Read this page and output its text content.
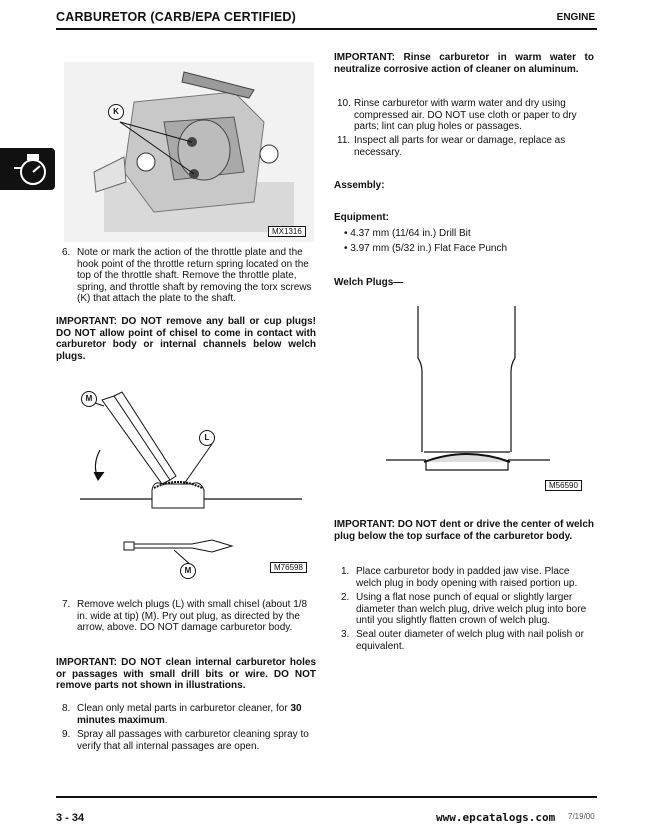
CARBURETOR (CARB/EPA CERTIFIED)	ENGINE
K
MX1316
6. Note or mark the action of the throttle plate and the hook point of the throttle return spring located on the top of the throttle shaft. Remove the throttle plate, spring, and throttle shaft by removing the torx screws (K) that attach the plate to the shaft.
IMPORTANT: DO NOT remove any ball or cup plugs! DO NOT allow point of chisel to come in contact with carburetor body or internal channels below welch plugs.
M
L
M	M76598
7. Remove welch plugs (L) with small chisel (about 1/8 in. wide at tip) (M). Pry out plug, as directed by the arrow, above. DO NOT damage carburetor body.
IMPORTANT: DO NOT clean internal carburetor holes or passages with small drill bits or wire. DO NOT remove parts not shown in illustrations.
8. Clean only metal parts in carburetor cleaner, for 30 minutes maximum.
9. Spray all passages with carburetor cleaning spray to verify that all internal passages are open.
IMPORTANT: Rinse carburetor in warm water to neutralize corrosive action of cleaner on aluminum.
10. Rinse carburetor with warm water and dry using compressed air. DO NOT use cloth or paper to dry parts; lint can plug holes or passages.
11. Inspect all parts for wear or damage, replace as necessary.
Assembly:
Equipment:
• 4.37 mm (11/64 in.) Drill Bit
• 3.97 mm (5/32 in.) Flat Face Punch
Welch Plugs—
M56590
IMPORTANT: DO NOT dent or drive the center of welch plug below the top surface of the carburetor body.
1. Place carburetor body in padded jaw vise. Place welch plug in body opening with raised portion up.
2. Using a flat nose punch of equal or slightly larger diameter than welch plug, drive welch plug into bore until you slightly flatten crown of welch plug.
3. Seal outer diameter of welch plug with nail polish or equivalent.
3 - 34	7/19/00
www.epcatalogs.com
